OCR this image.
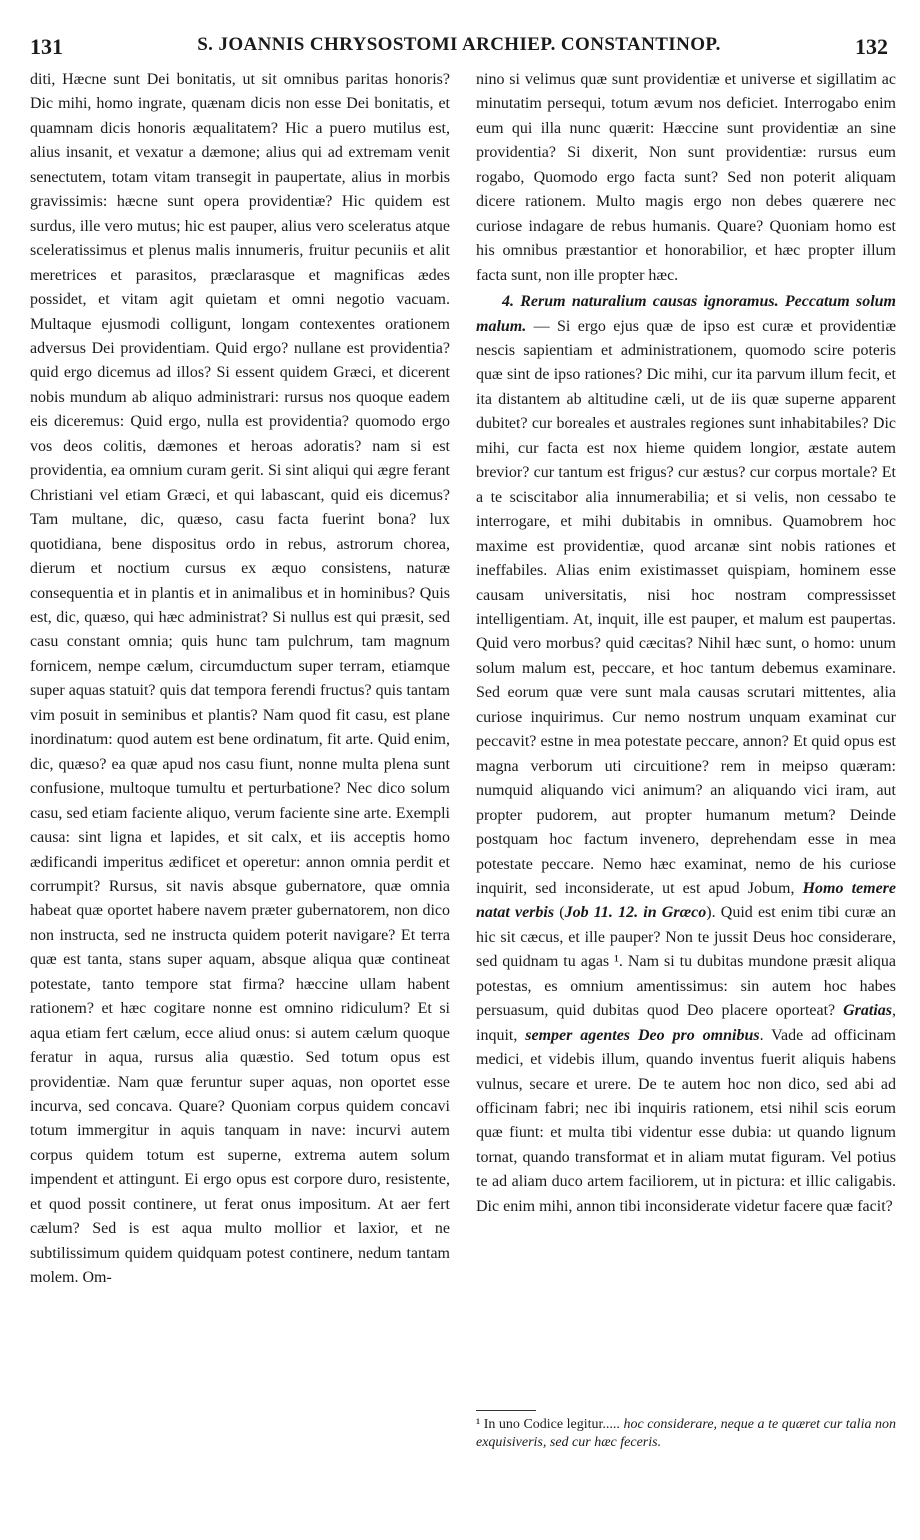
131	S. JOANNIS CHRYSOSTOMI ARCHIEP. CONSTANTINOP.	132

diti, Hæcne sunt Dei bonitatis, ut sit omnibus paritas honoris? Dic mihi, homo ingrate, quænam dicis non esse Dei bonitatis, et quamnam dicis honoris æqualitatem? Hic a puero mutilus est, alius insanit, et vexatur a dæmone; alius qui ad extremam venit senectutem, totam vitam transegit in paupertate, alius in morbis gravissimis: hæcne sunt opera providentiæ? Hic quidem est surdus, ille vero mutus; hic est pauper, alius vero sceleratus atque sceleratissimus et plenus malis innumeris, fruitur pecuniis et alit meretrices et parasitos, præclarasque et magnificas ædes possidet, et vitam agit quietam et omni negotio vacuam. Multaque ejusmodi colligunt, longam contexentes orationem adversus Dei providentiam. Quid ergo? nullane est providentia? quid ergo dicemus ad illos? Si essent quidem Græci, et dicerent nobis mundum ab aliquo administrari: rursus nos quoque eadem eis diceremus: Quid ergo, nulla est providentia? quomodo ergo vos deos colitis, dæmones et heroas adoratis? nam si est providentia, ea omnium curam gerit. Si sint aliqui qui ægre ferant Christiani vel etiam Græci, et qui labascant, quid eis dicemus? Tam multane, dic, quæso, casu facta fuerint bona? lux quotidiana, bene dispositus ordo in rebus, astrorum chorea, dierum et noctium cursus ex æquo consistens, naturæ consequentia et in plantis et in animalibus et in hominibus? Quis est, dic, quæso, qui hæc administrat? Si nullus est qui præsit, sed casu constant omnia; quis hunc tam pulchrum, tam magnum fornicem, nempe cælum, circumductum super terram, etiamque super aquas statuit? quis dat tempora ferendi fructus? quis tantam vim posuit in seminibus et plantis? Nam quod fit casu, est plane inordinatum: quod autem est bene ordinatum, fit arte. Quid enim, dic, quæso? ea quæ apud nos casu fiunt, nonne multa plena sunt confusione, multoque tumultu et perturbatione? Nec dico solum casu, sed etiam faciente aliquo, verum faciente sine arte. Exempli causa: sint ligna et lapides, et sit calx, et iis acceptis homo ædificandi imperitus ædificet et operetur: annon omnia perdit et corrumpit? Rursus, sit navis absque gubernatore, quæ omnia habeat quæ oportet habere navem præter gubernatorem, non dico non instructa, sed ne instructa quidem poterit navigare? Et terra quæ est tanta, stans super aquam, absque aliqua quæ contineat potestate, tanto tempore stat firma? hæccine ullam habent rationem? et hæc cogitare nonne est omnino ridiculum? Et si aqua etiam fert cælum, ecce aliud onus: si autem cælum quoque feratur in aqua, rursus alia quæstio. Sed totum opus est providentiæ. Nam quæ feruntur super aquas, non oportet esse incurva, sed concava. Quare? Quoniam corpus quidem concavi totum immergitur in aquis tanquam in nave: incurvi autem corpus quidem totum est superne, extrema autem solum impendent et attingunt. Ei ergo opus est corpore duro, resistente, et quod possit continere, ut ferat onus impositum. At aer fert cælum? Sed is est aqua multo mollior et laxior, et ne subtilissimum quidem quidquam potest continere, nedum tantam molem. Om-

nino si velimus quæ sunt providentiæ et universe et sigillatim ac minutatim persequi, totum ævum nos deficiet. Interrogabo enim eum qui illa nunc quærit: Hæccine sunt providentiæ an sine providentia? Si dixerit, Non sunt providentiæ: rursus eum rogabo, Quomodo ergo facta sunt? Sed non poterit aliquam dicere rationem. Multo magis ergo non debes quærere nec curiose indagare de rebus humanis. Quare? Quoniam homo est his omnibus præstantior et honorabilior, et hæc propter illum facta sunt, non ille propter hæc.

4. Rerum naturalium causas ignoramus. Peccatum solum malum. — Si ergo ejus quæ de ipso est curæ et providentiæ nescis sapientiam et administrationem, quomodo scire poteris quæ sint de ipso rationes? Dic mihi, cur ita parvum illum fecit, et ita distantem ab altitudine cæli, ut de iis quæ superne apparent dubitet? cur boreales et australes regiones sunt inhabitabiles? Dic mihi, cur facta est nox hieme quidem longior, æstate autem brevior? cur tantum est frigus? cur æstus? cur corpus mortale? Et a te sciscitabor alia innumerabilia; et si velis, non cessabo te interrogare, et mihi dubitabis in omnibus. Quamobrem hoc maxime est providentiæ, quod arcanæ sint nobis rationes et ineffabiles. Alias enim existimasset quispiam, hominem esse causam universitatis, nisi hoc nostram compressisset intelligentiam. At, inquit, ille est pauper, et malum est paupertas. Quid vero morbus? quid cæcitas? Nihil hæc sunt, o homo: unum solum malum est, peccare, et hoc tantum debemus examinare. Sed eorum quæ vere sunt mala causas scrutari mittentes, alia curiose inquirimus. Cur nemo nostrum unquam examinat cur peccavit? estne in mea potestate peccare, annon? Et quid opus est magna verborum uti circuitione? rem in meipso quæram: numquid aliquando vici animum? an aliquando vici iram, aut propter pudorem, aut propter humanum metum? Deinde postquam hoc factum invenero, deprehendam esse in mea potestate peccare. Nemo hæc examinat, nemo de his curiose inquirit, sed inconsiderate, ut est apud Jobum, Homo temere natat verbis (Job 11. 12. in Græco). Quid est enim tibi curæ an hic sit cæcus, et ille pauper? Non te jussit Deus hoc considerare, sed quidnam tu agas ¹. Nam si tu dubitas mundone præsit aliqua potestas, es omnium amentissimus: sin autem hoc habes persuasum, quid dubitas quod Deo placere oporteat? Gratias, inquit, semper agentes Deo pro omnibus. Vade ad officinam medici, et videbis illum, quando inventus fuerit aliquis habens vulnus, secare et urere. De te autem hoc non dico, sed abi ad officinam fabri; nec ibi inquiris rationem, etsi nihil scis eorum quæ fiunt: et multa tibi videntur esse dubia: ut quando lignum tornat, quando transformat et in aliam mutat figuram. Vel potius te ad aliam duco artem faciliorem, ut in pictura: et illic caligabis. Dic enim mihi, annon tibi inconsiderate videtur facere quæ facit?

¹ In uno Codice legitur..... hoc considerare, neque a te quæret cur talia non exquisiveris, sed cur hæc feceris.
